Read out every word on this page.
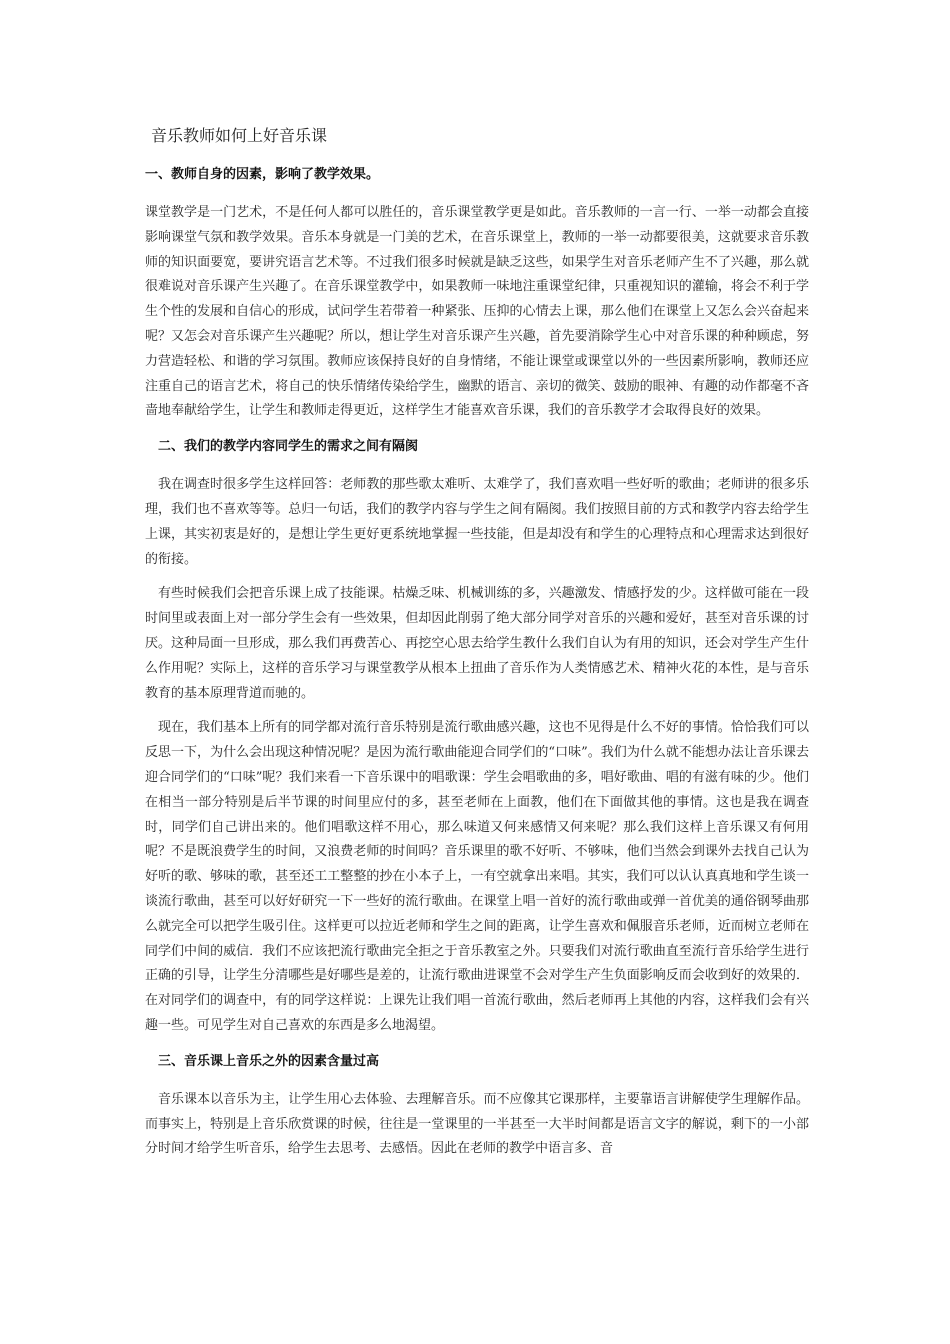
音乐教师如何上好音乐课
一、教师自身的因素，影响了教学效果。

课堂教学是一门艺术，不是任何人都可以胜任的，音乐课堂教学更是如此。音乐教师的一言一行、一举一动都会直接影响课堂气氛和教学效果。音乐本身就是一门美的艺术，在音乐课堂上，教师的一举一动都要很美，这就要求音乐教师的知识面要宽，要讲究语言艺术等。不过我们很多时候就是缺乏这些，如果学生对音乐老师产生不了兴趣，那么就很难说对音乐课产生兴趣了。在音乐课堂教学中，如果教师一味地注重课堂纪律，只重视知识的灌输，将会不利于学生个性的发展和自信心的形成，试问学生若带着一种紧张、压抑的心情去上课，那么他们在课堂上又怎么会兴奋起来呢？又怎会对音乐课产生兴趣呢？所以，想让学生对音乐课产生兴趣，首先要消除学生心中对音乐课的种种顾虑，努力营造轻松、和谐的学习氛围。教师应该保持良好的自身情绪，不能让课堂或课堂以外的一些因素所影响，教师还应注重自己的语言艺术，将自己的快乐情绪传染给学生，幽默的语言、亲切的微笑、鼓励的眼神、有趣的动作都毫不吝啬地奉献给学生，让学生和教师走得更近，这样学生才能喜欢音乐课，我们的音乐教学才会取得良好的效果。

二、我们的教学内容同学生的需求之间有隔阂

我在调查时很多学生这样回答：老师教的那些歌太难听、太难学了，我们喜欢唱一些好听的歌曲；老师讲的很多乐理，我们也不喜欢等等。总归一句话，我们的教学内容与学生之间有隔阂。我们按照目前的方式和教学内容去给学生上课，其实初衷是好的，是想让学生更好更系统地掌握一些技能，但是却没有和学生的心理特点和心理需求达到很好的衔接。

有些时候我们会把音乐课上成了技能课。枯燥乏味、机械训练的多，兴趣激发、情感抒发的少。这样做可能在一段时间里或表面上对一部分学生会有一些效果，但却因此削弱了绝大部分同学对音乐的兴趣和爱好，甚至对音乐课的讨厌。这种局面一旦形成，那么我们再费苦心、再挖空心思去给学生教什么我们自认为有用的知识，还会对学生产生什么作用呢？实际上，这样的音乐学习与课堂教学从根本上扭曲了音乐作为人类情感艺术、精神火花的本性，是与音乐教育的基本原理背道而驰的。

现在，我们基本上所有的同学都对流行音乐特别是流行歌曲感兴趣，这也不见得是什么不好的事情。恰恰我们可以反思一下，为什么会出现这种情况呢？是因为流行歌曲能迎合同学们的“口味”。我们为什么就不能想办法让音乐课去迎合同学们的“口味”呢？我们来看一下音乐课中的唱歌课：学生会唱歌曲的多，唱好歌曲、唱的有滋有味的少。他们在相当一部分特别是后半节课的时间里应付的多，甚至老师在上面教，他们在下面做其他的事情。这也是我在调查时，同学们自己讲出来的。他们唱歌这样不用心，那么味道又何来感情又何来呢？那么我们这样上音乐课又有何用呢？不是既浪费学生的时间，又浪费老师的时间吗？音乐课里的歌不好听、不够味，他们当然会到课外去找自己认为好听的歌、够味的歌，甚至还工工整整的抄在小本子上，一有空就拿出来唱。其实，我们可以认认真真地和学生谈一谈流行歌曲，甚至可以好好研究一下一些好的流行歌曲。在课堂上唱一首好的流行歌曲或弹一首优美的通俗钢琴曲那么就完全可以把学生吸引住。这样更可以拉近老师和学生之间的距离，让学生喜欢和佩服音乐老师，近而树立老师在同学们中间的威信．我们不应该把流行歌曲完全拒之于音乐教室之外。只要我们对流行歌曲直至流行音乐给学生进行正确的引导，让学生分清哪些是好哪些是差的，让流行歌曲进课堂不会对学生产生负面影响反而会收到好的效果的．在对同学们的调查中，有的同学这样说：上课先让我们唱一首流行歌曲，然后老师再上其他的内容，这样我们会有兴趣一些。可见学生对自己喜欢的东西是多么地渴望。

三、音乐课上音乐之外的因素含量过高

音乐课本以音乐为主，让学生用心去体验、去理解音乐。而不应像其它课那样，主要靠语言讲解使学生理解作品。而事实上，特别是上音乐欣赏课的时候，往往是一堂课里的一半甚至一大半时间都是语言文字的解说，剩下的一小部分时间才给学生听音乐，给学生去思考、去感悟。因此在老师的教学中语言多、音
